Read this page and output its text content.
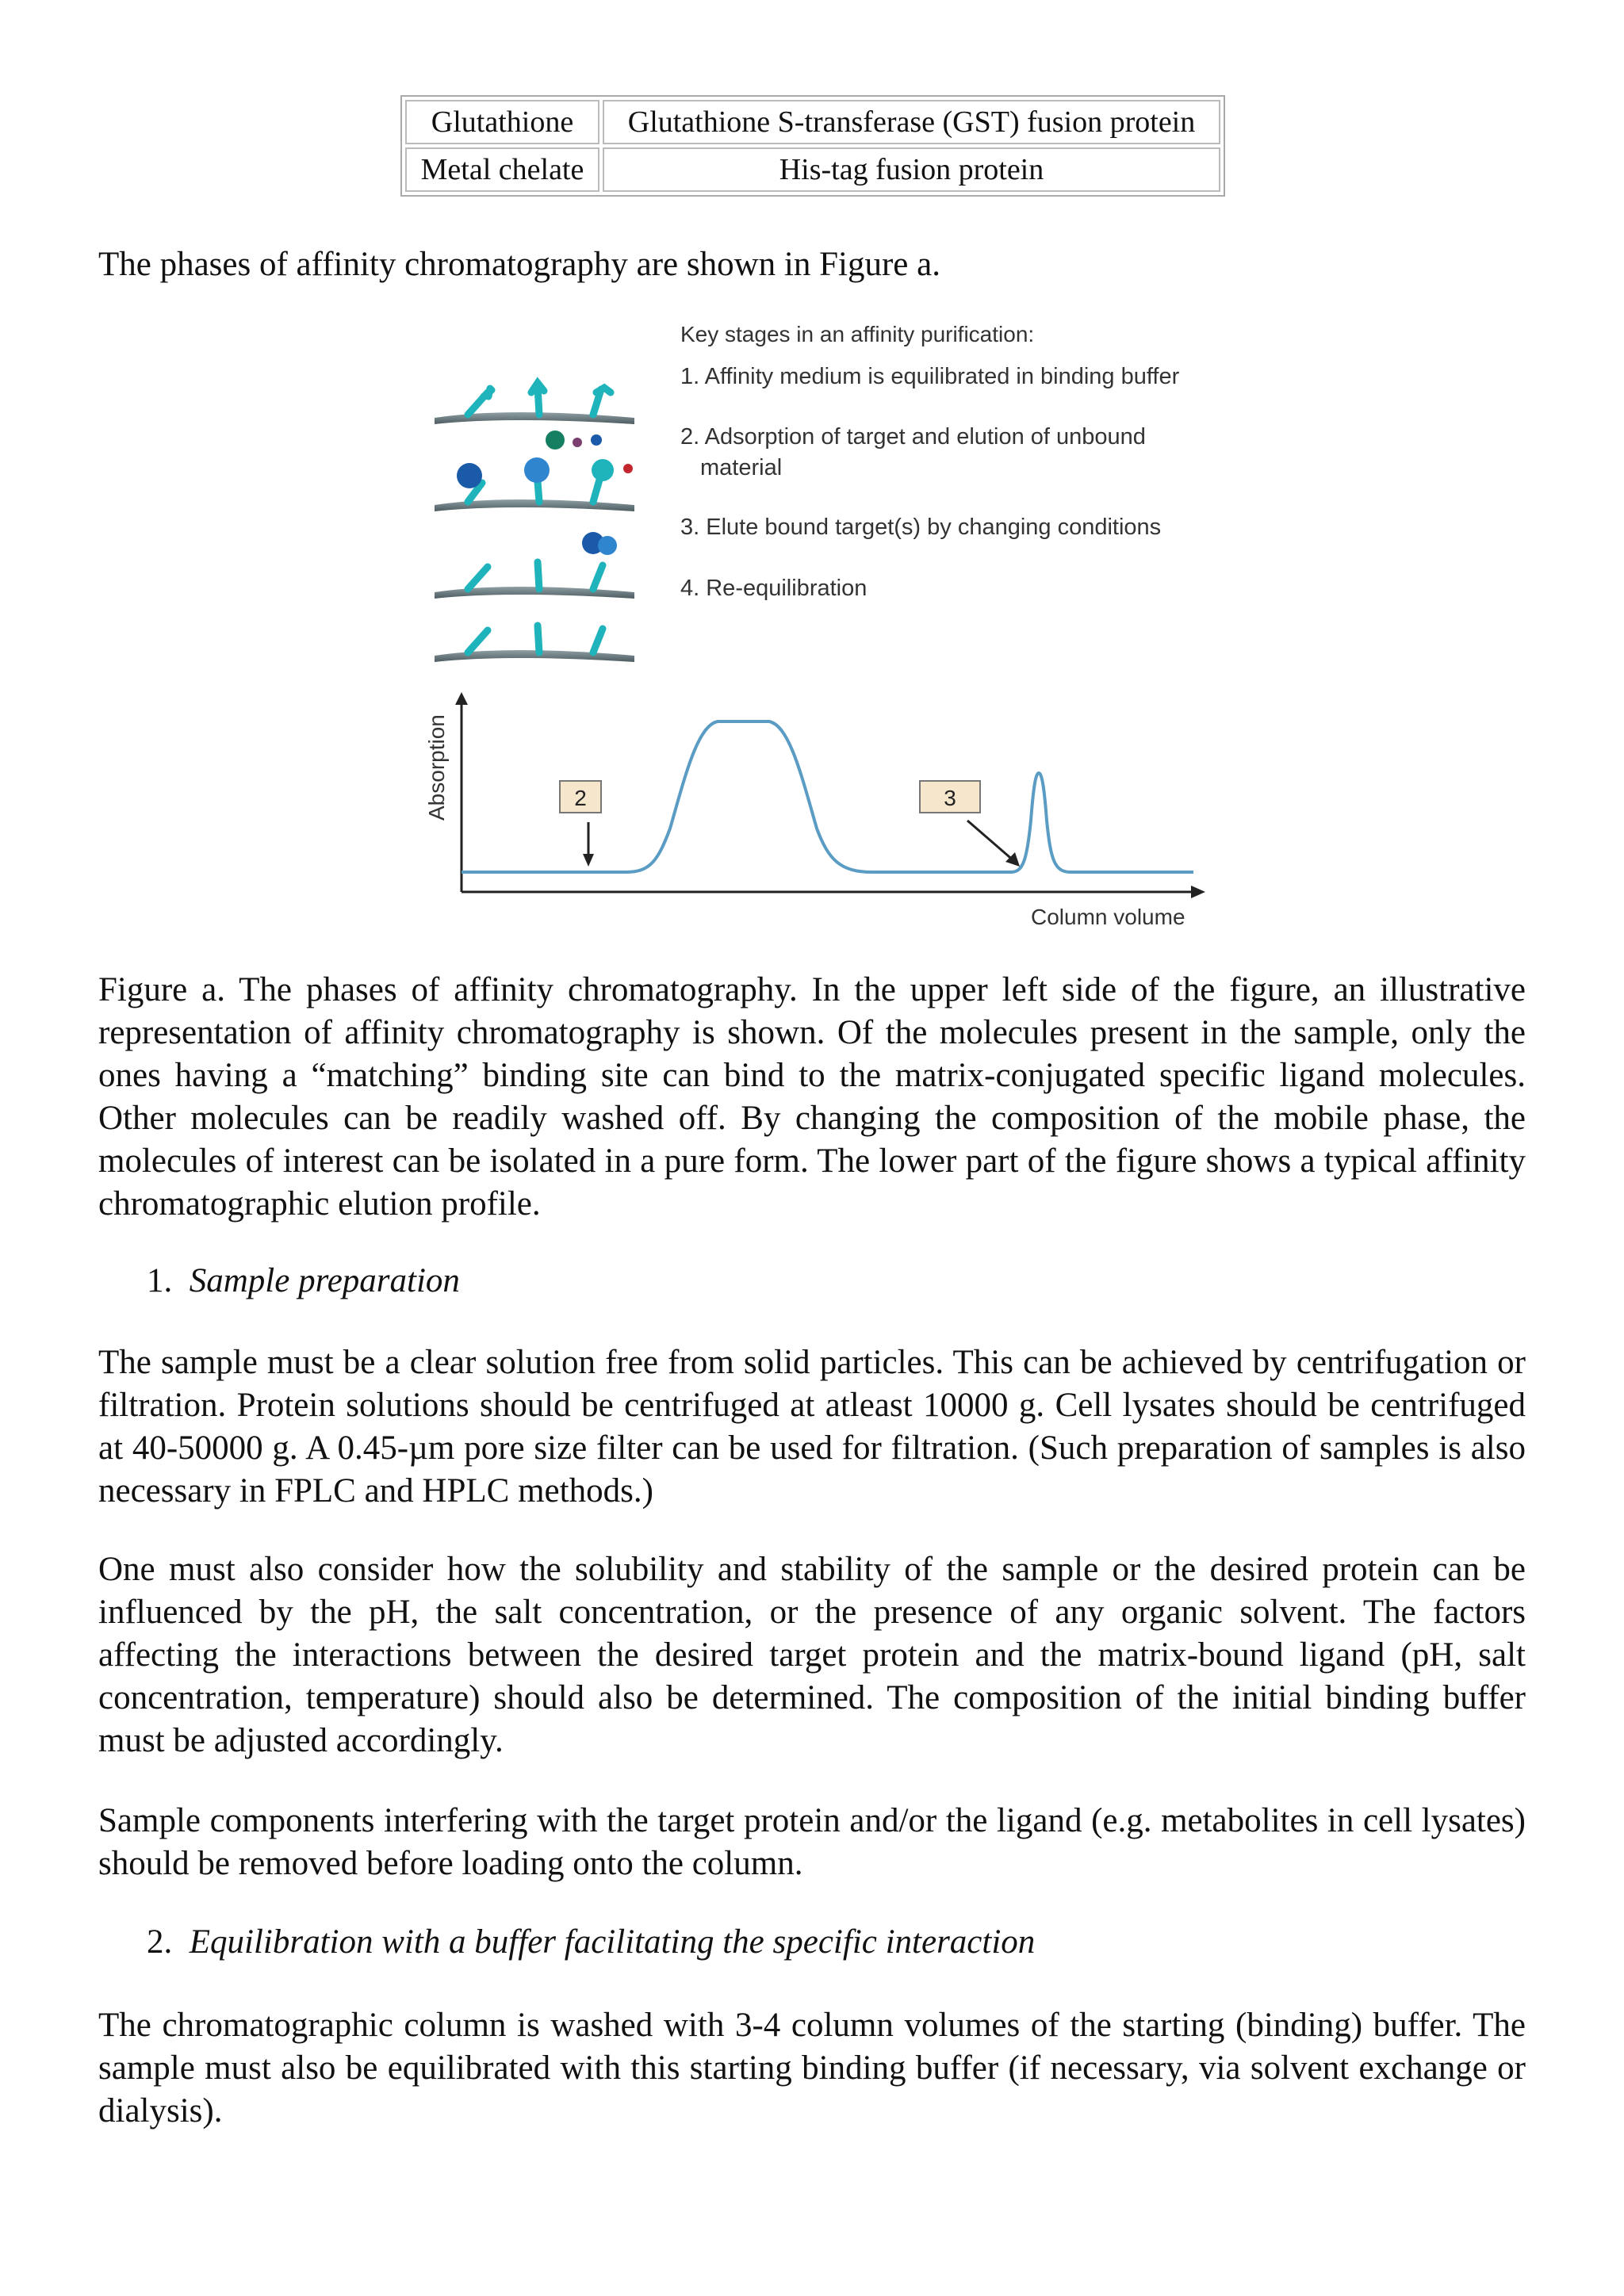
Glutathione	Glutathione S-transferase (GST) fusion protein
Metal chelate	His-tag fusion protein
The phases of affinity chromatography are shown in Figure a.
Key stages in an affinity purification:
1. Affinity medium is equilibrated in binding buffer
2. Adsorption of target and elution of unbound
material
3. Elute bound target(s) by changing conditions
4. Re-equilibration
Absorption
Column volume
2	3
Figure a. The phases of affinity chromatography. In the upper left side of the figure, an illustrative representation of affinity chromatography is shown. Of the molecules present in the sample, only the ones having a “matching” binding site can bind to the matrix-conjugated specific ligand molecules. Other molecules can be readily washed off. By changing the composition of the mobile phase, the molecules of interest can be isolated in a pure form. The lower part of the figure shows a typical affinity chromatographic elution profile.
1. Sample preparation
The sample must be a clear solution free from solid particles. This can be achieved by centrifugation or filtration. Protein solutions should be centrifuged at atleast 10000 g. Cell lysates should be centrifuged at 40-50000 g. A 0.45-µm pore size filter can be used for filtration. (Such preparation of samples is also necessary in FPLC and HPLC methods.)
One must also consider how the solubility and stability of the sample or the desired protein can be influenced by the pH, the salt concentration, or the presence of any organic solvent. The factors affecting the interactions between the desired target protein and the matrix-bound ligand (pH, salt concentration, temperature) should also be determined. The composition of the initial binding buffer must be adjusted accordingly.
Sample components interfering with the target protein and/or the ligand (e.g. metabolites in cell lysates) should be removed before loading onto the column.
2. Equilibration with a buffer facilitating the specific interaction
The chromatographic column is washed with 3-4 column volumes of the starting (binding) buffer. The sample must also be equilibrated with this starting binding buffer (if necessary, via solvent exchange or dialysis).
